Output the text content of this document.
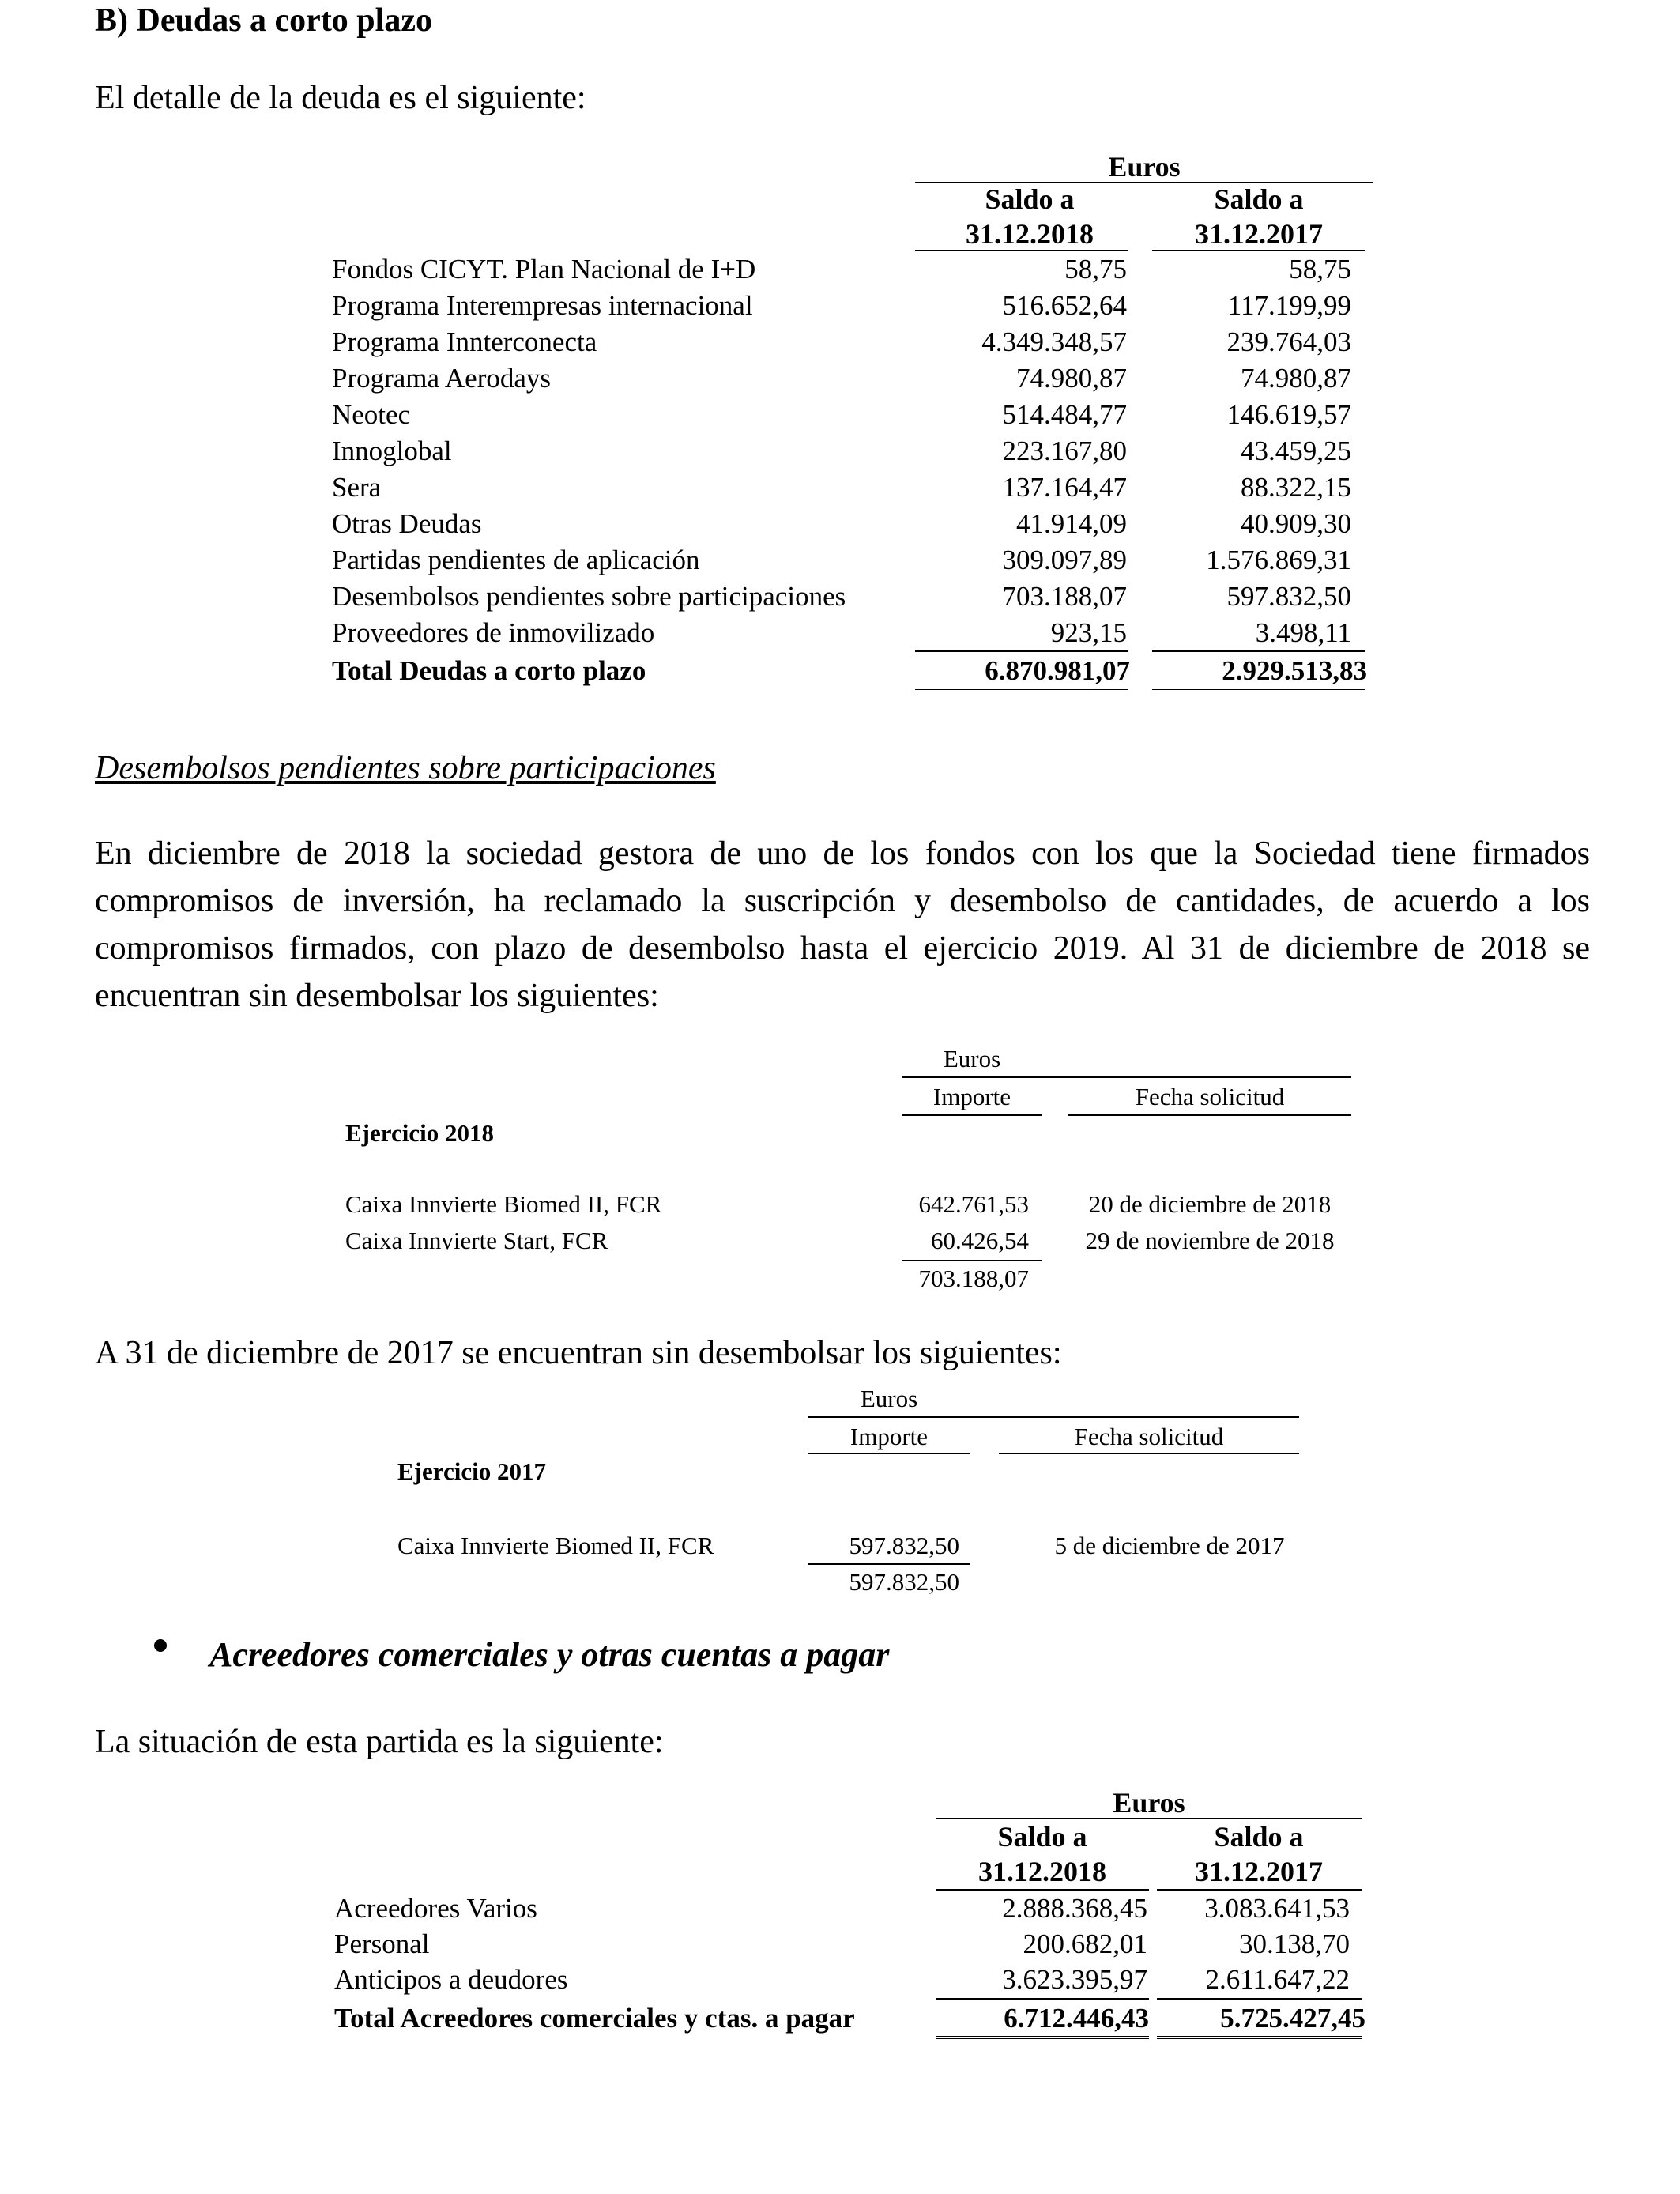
B) Deudas a corto plazo
El detalle de la deuda es el siguiente:
Euros
Saldo a
31.12.2018
Saldo a
31.12.2017
Fondos CICYT. Plan Nacional de I+D	58,75	58,75
Programa Interempresas internacional	516.652,64	117.199,99
Programa Innterconecta	4.349.348,57	239.764,03
Programa Aerodays	74.980,87	74.980,87
Neotec	514.484,77	146.619,57
Innoglobal	223.167,80	43.459,25
Sera	137.164,47	88.322,15
Otras Deudas	41.914,09	40.909,30
Partidas pendientes de aplicación	309.097,89	1.576.869,31
Desembolsos pendientes sobre participaciones	703.188,07	597.832,50
Proveedores de inmovilizado	923,15	3.498,11
Total Deudas a corto plazo	6.870.981,07	2.929.513,83
Desembolsos pendientes sobre participaciones

En diciembre de 2018 la sociedad gestora de uno de los fondos con los que la Sociedad tiene firmados compromisos de inversión, ha reclamado la suscripción y desembolso de cantidades, de acuerdo a los compromisos firmados, con plazo de desembolso hasta el ejercicio 2019. Al 31 de diciembre de 2018 se encuentran sin desembolsar los siguientes:

Euros
Importe	Fecha solicitud
Ejercicio 2018
Caixa Innvierte Biomed II, FCR	642.761,53	20 de diciembre de 2018
Caixa Innvierte Start, FCR	60.426,54	29 de noviembre de 2018
703.188,07
A 31 de diciembre de 2017 se encuentran sin desembolsar los siguientes:
Euros
Importe	Fecha solicitud
Ejercicio 2017
Caixa Innvierte Biomed II, FCR	597.832,50	5 de diciembre de 2017
597.832,50
Acreedores comerciales y otras cuentas a pagar
La situación de esta partida es la siguiente:
Euros
Saldo a
31.12.2018
Saldo a
31.12.2017
Acreedores Varios	2.888.368,45	3.083.641,53
Personal	200.682,01	30.138,70
Anticipos a deudores	3.623.395,97	2.611.647,22
Total Acreedores comerciales y ctas. a pagar	6.712.446,43	5.725.427,45
